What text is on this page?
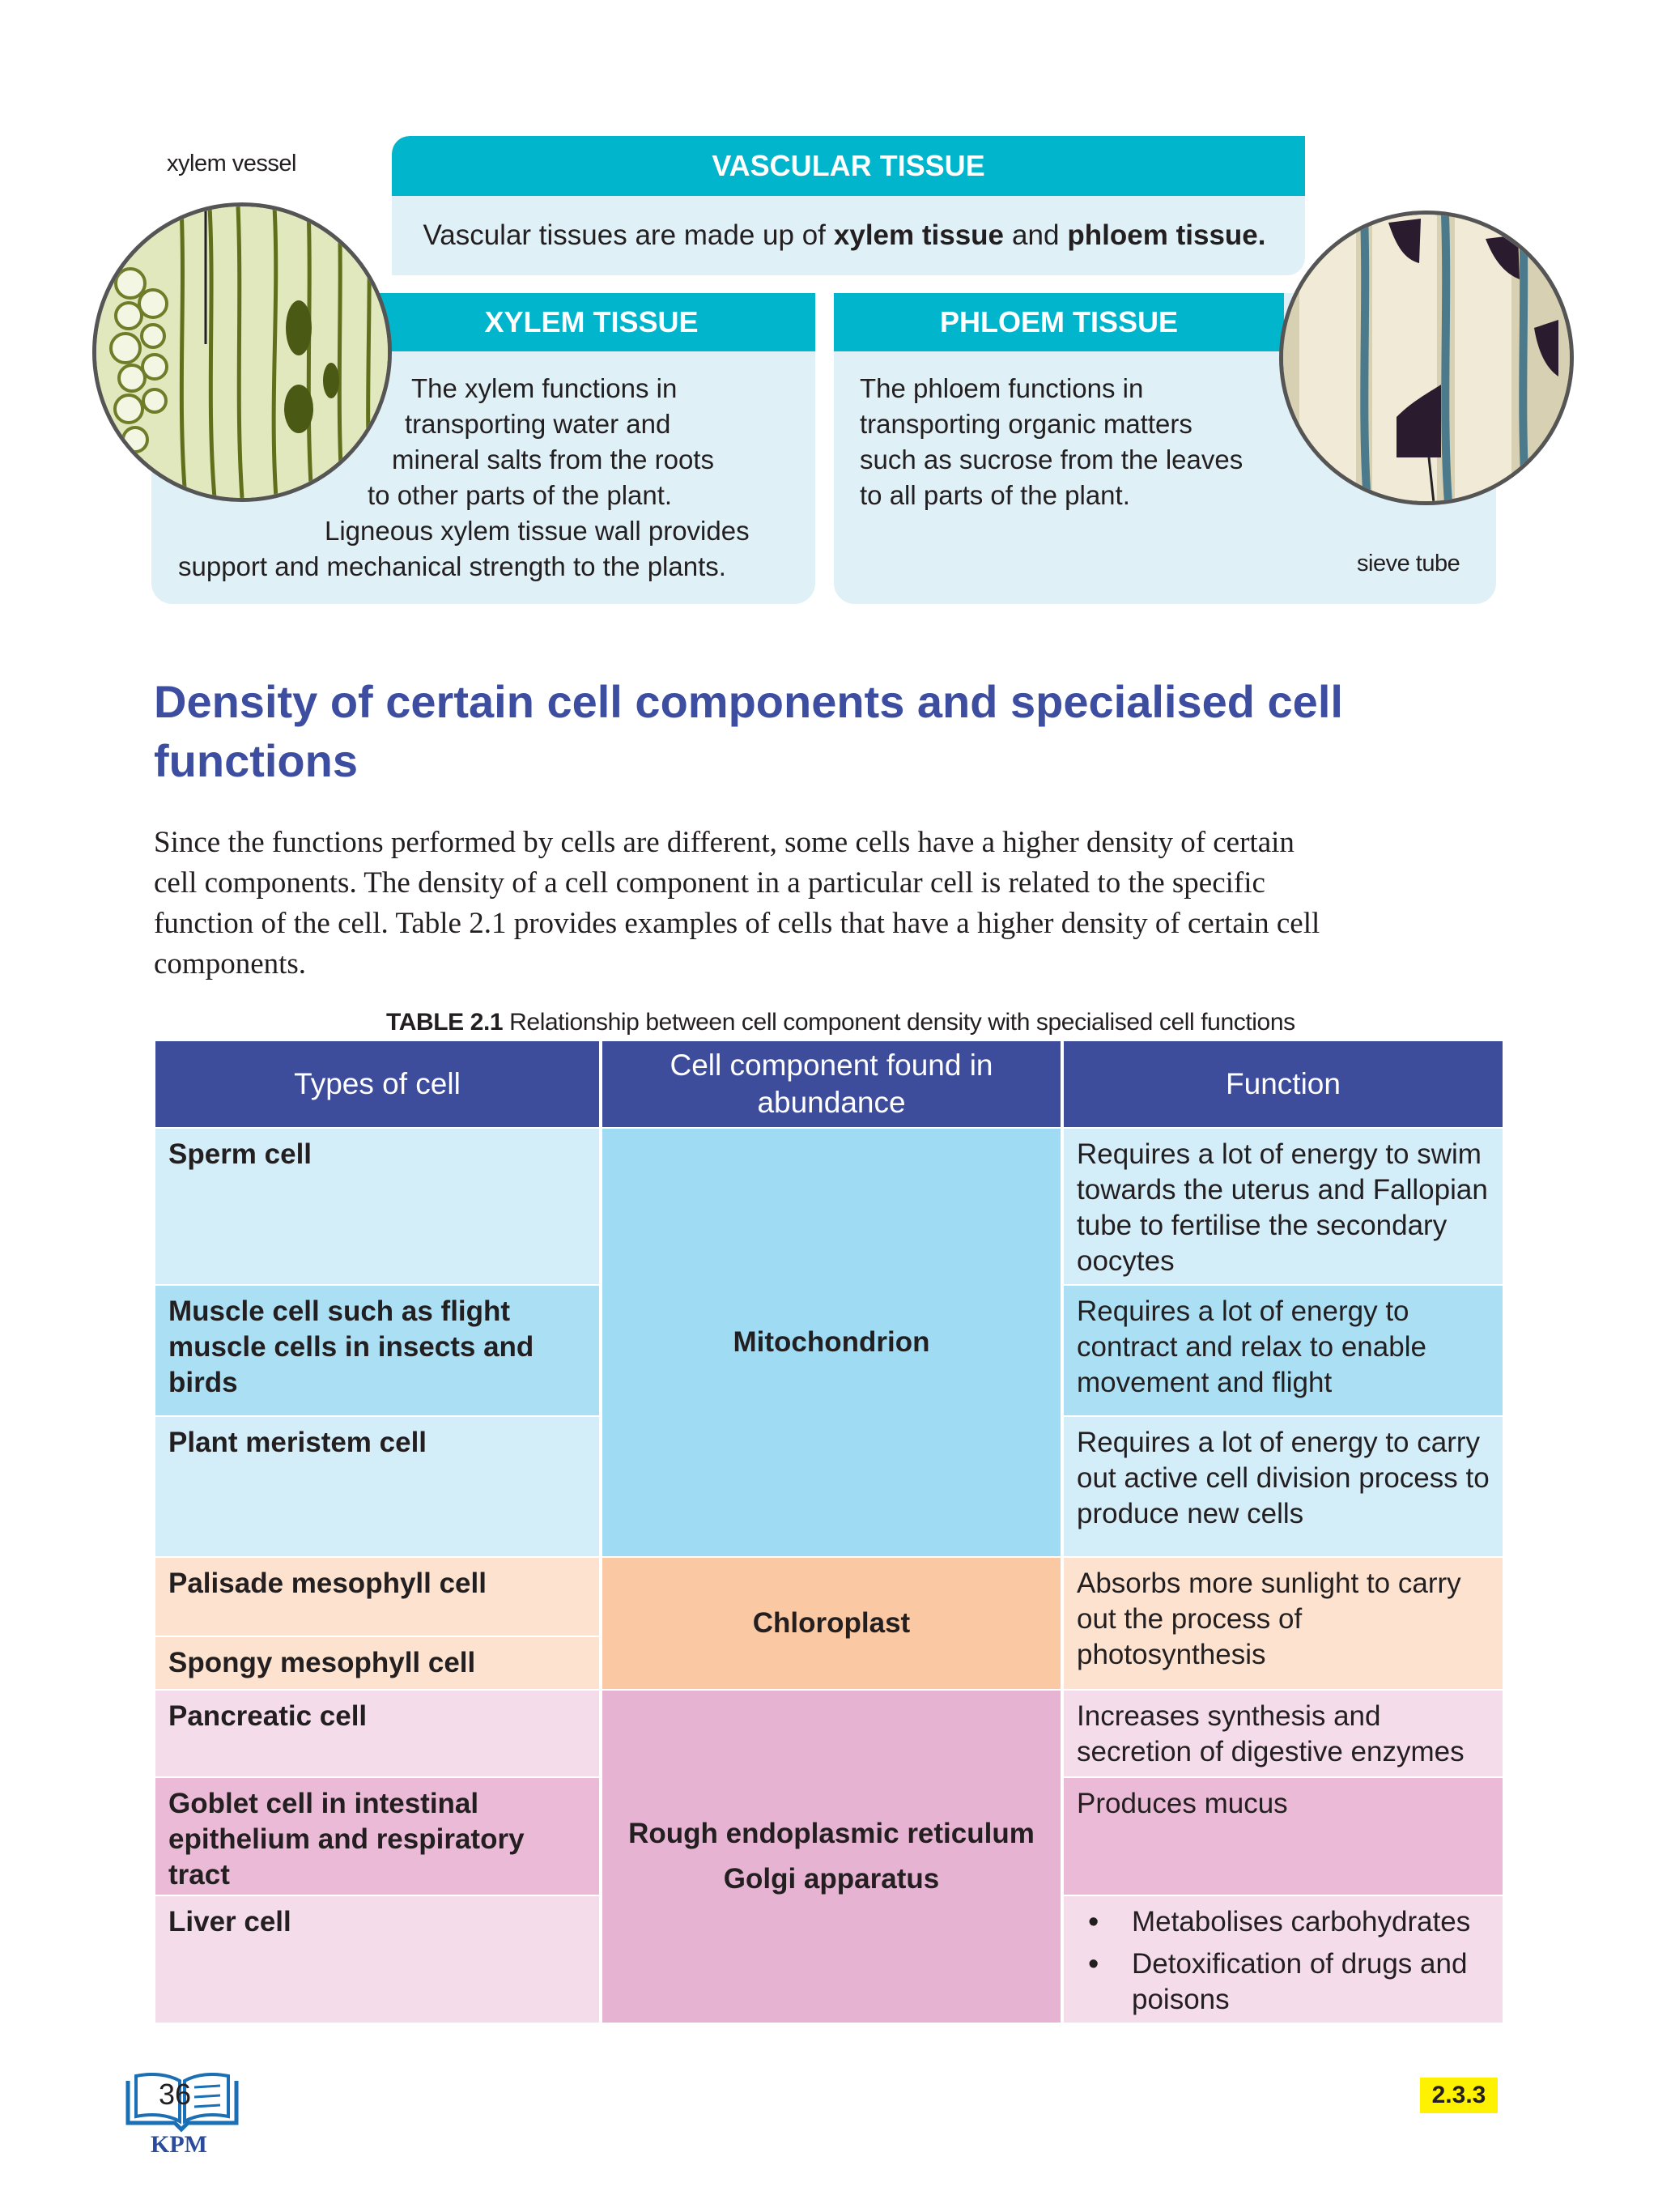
VASCULAR TISSUE
Vascular tissues are made up of xylem tissue and phloem tissue.
XYLEM TISSUE
The xylem functions in
transporting water and
mineral salts from the roots
to other parts of the plant.
Ligneous xylem tissue wall provides
support and mechanical strength to the plants.
PHLOEM TISSUE
The phloem functions in
transporting organic matters
such as sucrose from the leaves
to all parts of the plant.
xylem vessel
sieve tube
Density of certain cell components and specialised cell
functions
Since the functions performed by cells are different, some cells have a higher density of certain
cell components. The density of a cell component in a particular cell is related to the specific
function of the cell. Table 2.1 provides examples of cells that have a higher density of certain cell
components.
TABLE 2.1 Relationship between cell component density with specialised cell functions
Types of cell
Cell component found in abundance
Function
Sperm cell	Requires a lot of energy to swim towards the uterus and Fallopian tube to fertilise the secondary oocytes
Muscle cell such as flight muscle cells in insects and birds
Requires a lot of energy to contract and relax to enable movement and flight
Plant meristem cell	Requires a lot of energy to carry out active cell division process to produce new cells
Mitochondrion
Palisade mesophyll cell
Spongy mesophyll cell
Chloroplast
Absorbs more sunlight to carry out the process of photosynthesis
Pancreatic cell	Increases synthesis and secretion of digestive enzymes
Goblet cell in intestinal epithelium and respiratory tract
Produces mucus
Liver cell
•	Metabolises carbohydrates
• Detoxification of drugs and poisons
Rough endoplasmic reticulum
Golgi apparatus
36
KPM
2.3.3
